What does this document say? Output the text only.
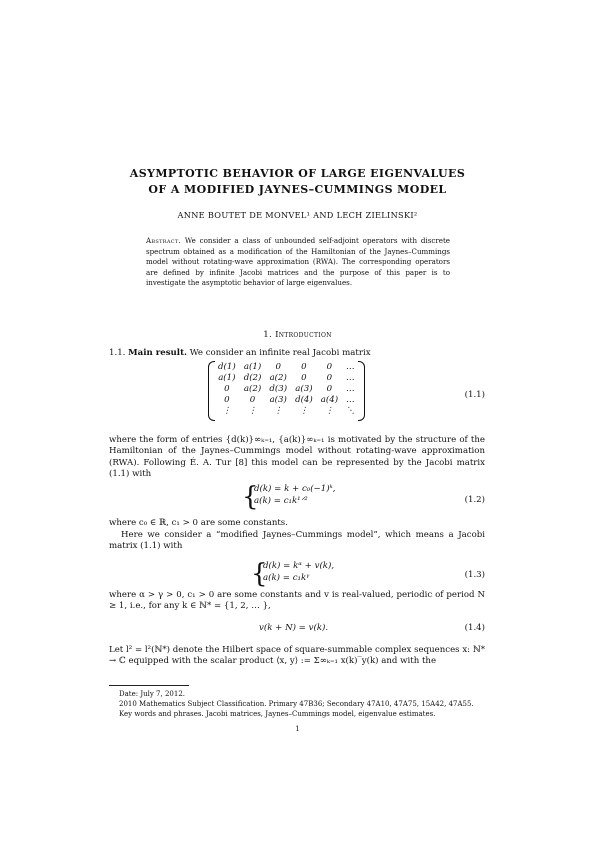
ASYMPTOTIC BEHAVIOR OF LARGE EIGENVALUES
OF A MODIFIED JAYNES–CUMMINGS MODEL
ANNE BOUTET DE MONVEL¹ AND LECH ZIELINSKI²
Abstract. We consider a class of unbounded self-adjoint operators with discrete spectrum obtained as a modification of the Hamiltonian of the Jaynes–Cummings model without rotating-wave approximation (RWA). The corresponding operators are defined by infinite Jacobi matrices and the purpose of this paper is to investigate the asymptotic behavior of large eigenvalues.
1. Introduction
1.1. Main result. We consider an infinite real Jacobi matrix
d(1)	a(1)	0	0	0	…
a(1)	d(2)	a(2)	0	0	…
0	a(2)	d(3)	a(3)	0	…
0	0	a(3)	d(4)	a(4)	…
⋮	⋮	⋮	⋮	⋮	⋱
(1.1)
where the form of entries {d(k)}∞ₖ₌₁, {a(k)}∞ₖ₌₁ is motivated by the structure of the Hamiltonian of the Jaynes–Cummings model without rotating-wave approximation (RWA). Following É. A. Tur [8] this model can be represented by the Jacobi matrix (1.1) with
{
d(k) = k + c₀(−1)ᵏ,
a(k) = c₁k¹ᐟ²	(1.2)
where c₀ ∈ ℝ, c₁ > 0 are some constants.
Here we consider a “modified Jaynes–Cummings model”, which means a Jacobi matrix (1.1) with
{
d(k) = kᵅ + v(k),
a(k) = c₁kᵞ	(1.3)
where α > γ > 0, c₁ > 0 are some constants and v is real-valued, periodic of period N ≥ 1, i.e., for any k ∈ ℕ* = {1, 2, … },
v(k + N) = v(k).	(1.4)
Let l² = l²(ℕ*) denote the Hilbert space of square-summable complex sequences x: ℕ* → ℂ equipped with the scalar product ⟨x, y⟩ := Σ∞ₖ₌₁ x(k)‾y(k) and with the
Date: July 7, 2012.
2010 Mathematics Subject Classification. Primary 47B36; Secondary 47A10, 47A75, 15A42, 47A55.
Key words and phrases. Jacobi matrices, Jaynes–Cummings model, eigenvalue estimates.
1
